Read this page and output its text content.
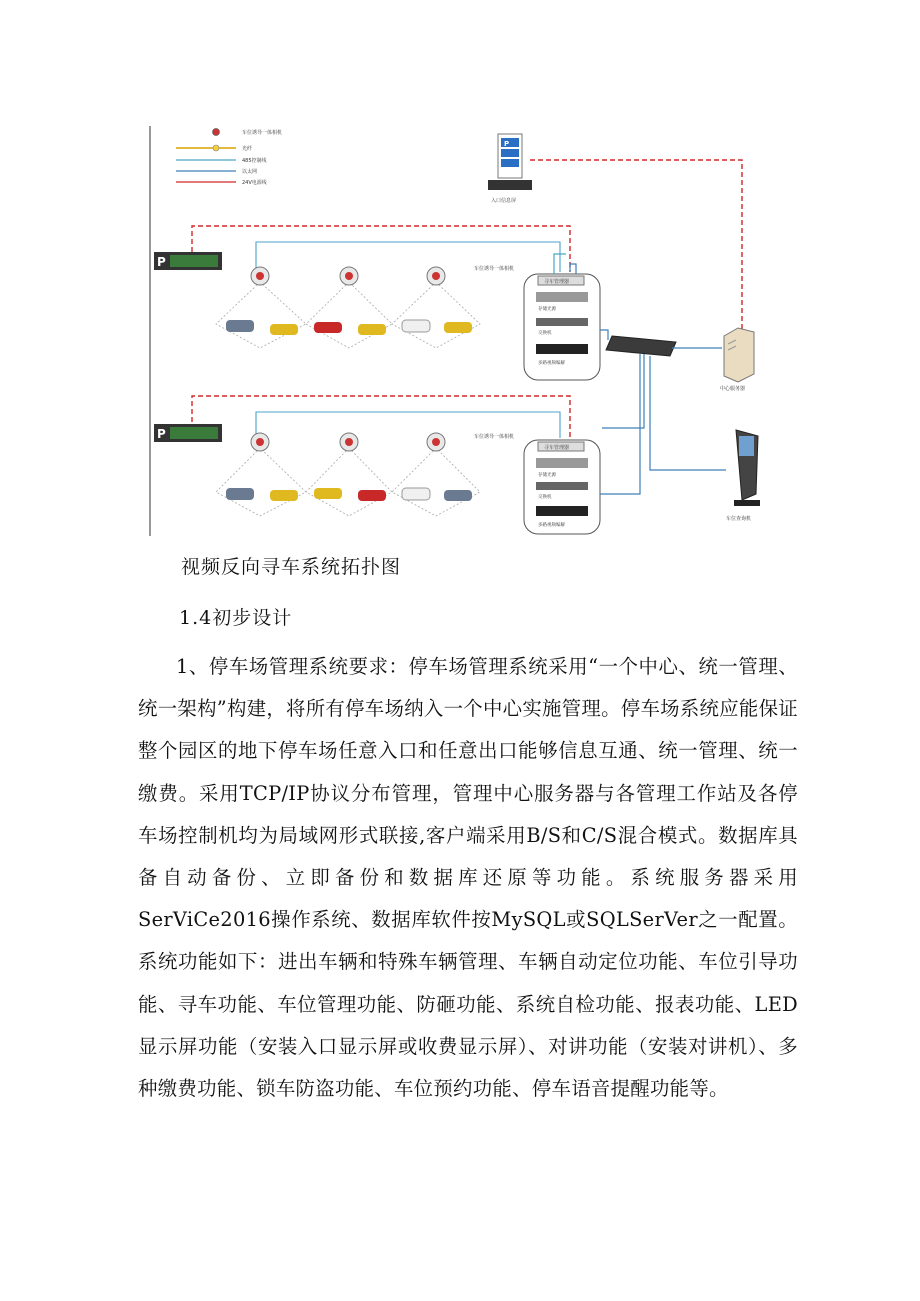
车位诱导一体相机
光纤
485控制线
以太网
24V电源线
P
入口信息屏
P
P
车位诱导一体相机
车位诱导一体相机
寻车管理器
存储光源
交换机
多路视频编解
寻车管理器
存储光源
交换机
多路视频编解
中心服务器
车位查询机
视频反向寻车系统拓扑图
1.4初步设计

1、停车场管理系统要求：停车场管理系统采用“一个中心、统一管理、统一架构”构建，将所有停车场纳入一个中心实施管理。停车场系统应能保证整个园区的地下停车场任意入口和任意出口能够信息互通、统一管理、统一缴费。采用TCP/IP协议分布管理，管理中心服务器与各管理工作站及各停车场控制机均为局域网形式联接,客户端采用B/S和C/S混合模式。数据库具备自动备份、立即备份和数据库还原等功能。系统服务器采用SerViCe2016操作系统、数据库软件按MySQL或SQLSerVer之一配置。系统功能如下：进出车辆和特殊车辆管理、车辆自动定位功能、车位引导功能、寻车功能、车位管理功能、防砸功能、系统自检功能、报表功能、LED显示屏功能（安装入口显示屏或收费显示屏）、对讲功能（安装对讲机）、多种缴费功能、锁车防盗功能、车位预约功能、停车语音提醒功能等。
